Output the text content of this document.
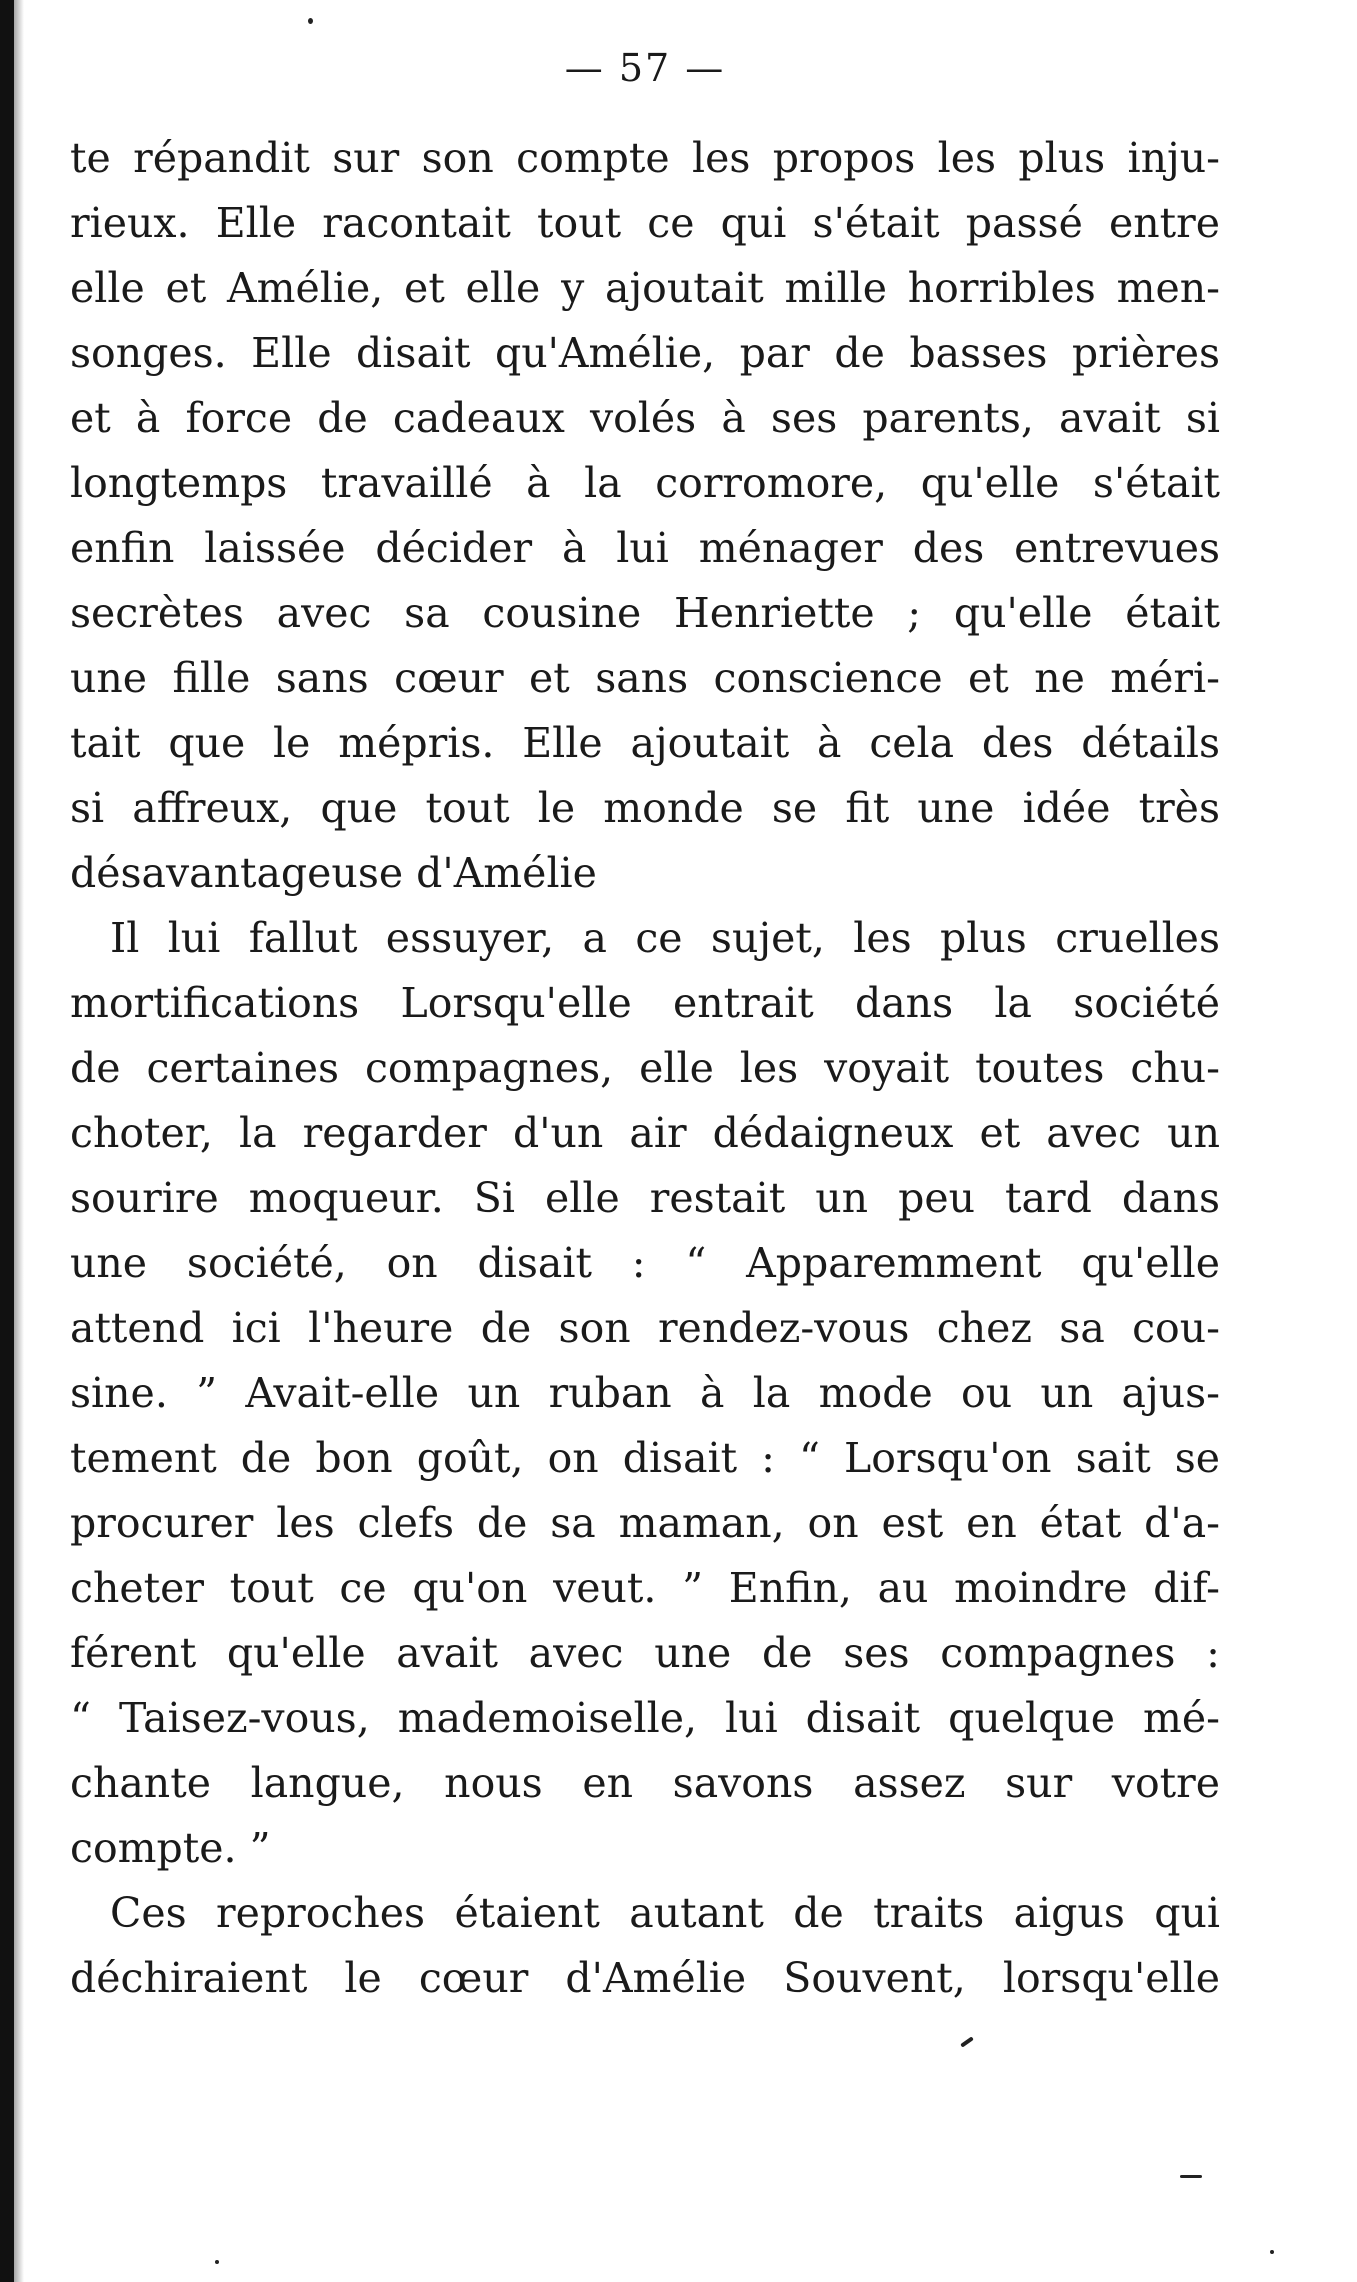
— 57 —
te répandit sur son compte les propos les plus inju-
rieux. Elle racontait tout ce qui s'était passé entre
elle et Amélie, et elle y ajoutait mille horribles men-
songes. Elle disait qu'Amélie, par de basses prières
et à force de cadeaux volés à ses parents, avait si
longtemps travaillé à la corromore, qu'elle s'était
enfin laissée décider à lui ménager des entrevues
secrètes avec sa cousine Henriette ; qu'elle était
une fille sans cœur et sans conscience et ne méri-
tait que le mépris. Elle ajoutait à cela des détails
si affreux, que tout le monde se fit une idée très
désavantageuse d'Amélie
Il lui fallut essuyer, a ce sujet, les plus cruelles
mortifications Lorsqu'elle entrait dans la société
de certaines compagnes, elle les voyait toutes chu-
choter, la regarder d'un air dédaigneux et avec un
sourire moqueur. Si elle restait un peu tard dans
une société, on disait : “ Apparemment qu'elle
attend ici l'heure de son rendez-vous chez sa cou-
sine. ” Avait-elle un ruban à la mode ou un ajus-
tement de bon goût, on disait : “ Lorsqu'on sait se
procurer les clefs de sa maman, on est en état d'a-
cheter tout ce qu'on veut. ” Enfin, au moindre dif-
férent qu'elle avait avec une de ses compagnes :
“ Taisez-vous, mademoiselle, lui disait quelque mé-
chante langue, nous en savons assez sur votre
compte. ”
Ces reproches étaient autant de traits aigus qui
déchiraient le cœur d'Amélie Souvent, lorsqu'elle
